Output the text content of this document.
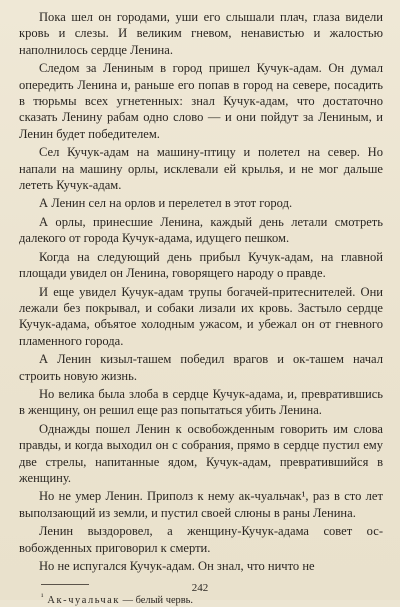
Пока шел он городами, уши его слышали плач, глаза видели кровь и слезы. И великим гневом, ненавистью и жалостью наполнилось сердце Ленина.

Следом за Лениным в город пришел Кучук-адам. Он думал опередить Ленина и, раньше его попав в город на севере, посадить в тюрьмы всех угнетенных: знал Кучук-адам, что достаточно сказать Ленину рабам одно слово — и они пойдут за Лениным, и Ленин будет победителем.

Сел Кучук-адам на машину-птицу и полетел на север. Но напали на машину орлы, исклевали ей крылья, и не мог дальше лететь Кучук-адам.

А Ленин сел на орлов и перелетел в этот город.

А орлы, принесшие Ленина, каждый день летали смотреть далекого от города Кучук-адама, идущего пешком.

Когда на следующий день прибыл Кучук-адам, на главной площади увидел он Ленина, говорящего народу о правде.

И еще увидел Кучук-адам трупы богачей-притеснителей. Они лежали без покрывал, и собаки лизали их кровь. Застыло сердце Кучук-адама, объятое холодным ужасом, и убежал он от гневного пламенного города.

А Ленин кизыл-ташем победил врагов и ок-ташем начал строить новую жизнь.

Но велика была злоба в сердце Кучук-адама, и, превратившись в женщину, он решил еще раз попытаться убить Ленина.

Однажды пошел Ленин к освобожденным говорить им слова правды, и когда выходил он с собрания, прямо в сердце пустил ему две стрелы, напитанные ядом, Кучук-адам, превратившийся в женщину.

Но не умер Ленин. Приполз к нему ак-чуальчак¹, раз в сто лет выползающий из земли, и пустил своей слюны в раны Ленина.

Ленин выздоровел, а женщину-Кучук-адама совет освобожденных приговорил к смерти.

Но не испугался Кучук-адам. Он знал, что ничто не

$^{^1}$ Ак-чуальчак — белый червь.
242
